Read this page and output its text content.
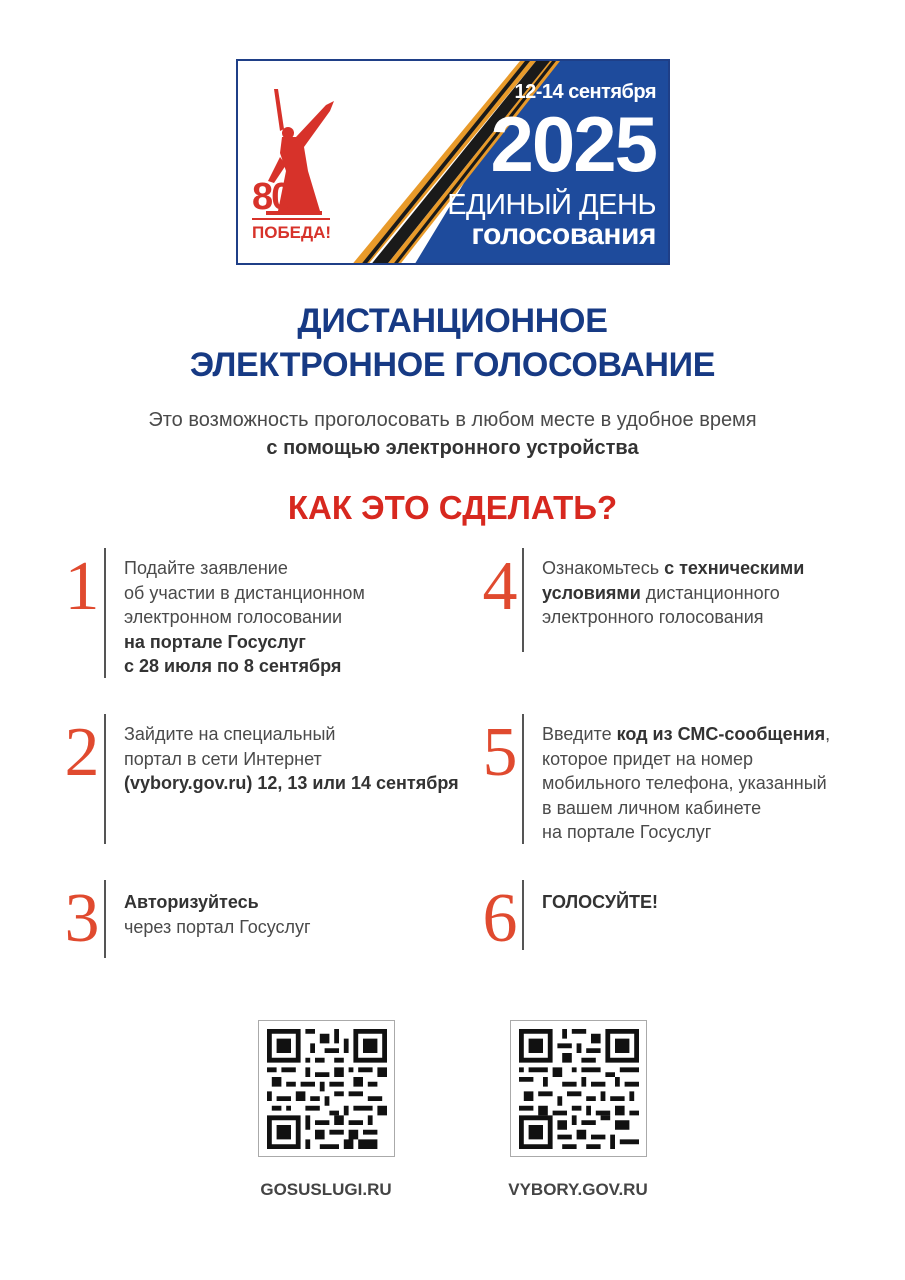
80
ПОБЕДА!
12-14 сентября
2025
ЕДИНЫЙ ДЕНЬ
голосования
ДИСТАНЦИОННОЕ
ЭЛЕКТРОННОЕ ГОЛОСОВАНИЕ
Это возможность проголосовать в любом месте в удобное время
с помощью электронного устройства
КАК ЭТО СДЕЛАТЬ?
1 Подайте заявление
об участии в дистанционном
электронном голосовании
на портале Госуслуг
с 28 июля по 8 сентября
2 Зайдите на специальный
портал в сети Интернет
(vybory.gov.ru) 12, 13 или 14 сентября
3 Авторизуйтесь
через портал Госуслуг
4 Ознакомьтесь с техническими
условиями дистанционного
электронного голосования
5 Введите код из СМС-сообщения,
которое придет на номер
мобильного телефона, указанный
в вашем личном кабинете
на портале Госуслуг
6 ГОЛОСУЙТЕ!
GOSUSLUGI.RU	VYBORY.GOV.RU
